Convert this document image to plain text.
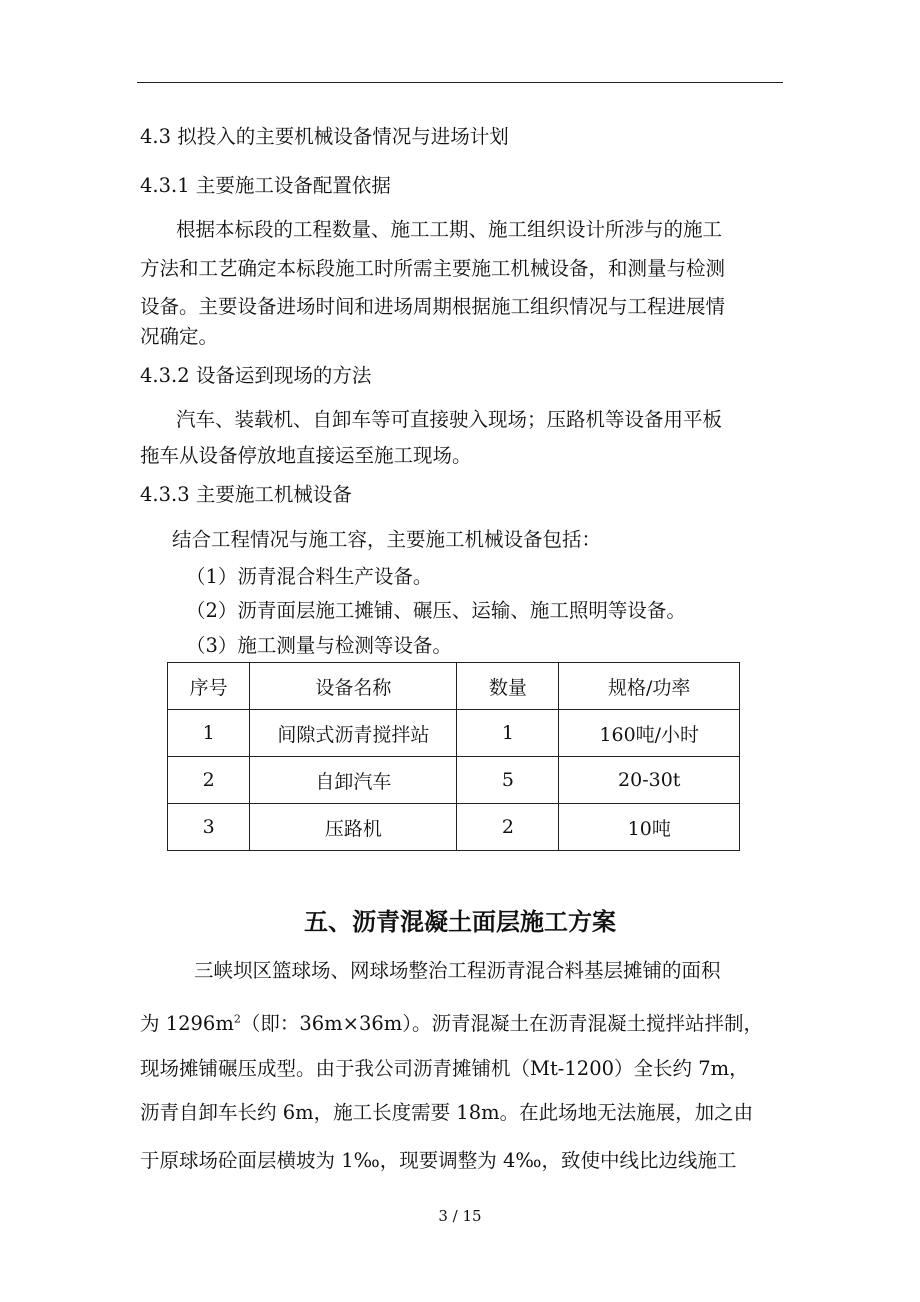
4.3 拟投入的主要机械设备情况与进场计划
4.3.1 主要施工设备配置依据
根据本标段的工程数量、施工工期、施工组织设计所涉与的施工
方法和工艺确定本标段施工时所需主要施工机械设备，和测量与检测
设备。主要设备进场时间和进场周期根据施工组织情况与工程进展情
况确定。
4.3.2 设备运到现场的方法
汽车、装载机、自卸车等可直接驶入现场；压路机等设备用平板
拖车从设备停放地直接运至施工现场。
4.3.3 主要施工机械设备
结合工程情况与施工容，主要施工机械设备包括：
（1）沥青混合料生产设备。
（2）沥青面层施工摊铺、碾压、运输、施工照明等设备。
（3）施工测量与检测等设备。
序号	设备名称	数量	规格/功率
1	间隙式沥青搅拌站	1	160吨/小时
2	自卸汽车	5	20-30t
3	压路机	2	10吨
五、沥青混凝土面层施工方案
三峡坝区篮球场、网球场整治工程沥青混合料基层摊铺的面积
为 $1296m^2$（即：36m×36m）。沥青混凝土在沥青混凝土搅拌站拌制，
现场摊铺碾压成型。由于我公司沥青摊铺机（Mt-1200）全长约 7m，
沥青自卸车长约 6m，施工长度需要 18m。在此场地无法施展，加之由
于原球场砼面层横坡为 1‰，现要调整为 4‰，致使中线比边线施工
3 / 15
